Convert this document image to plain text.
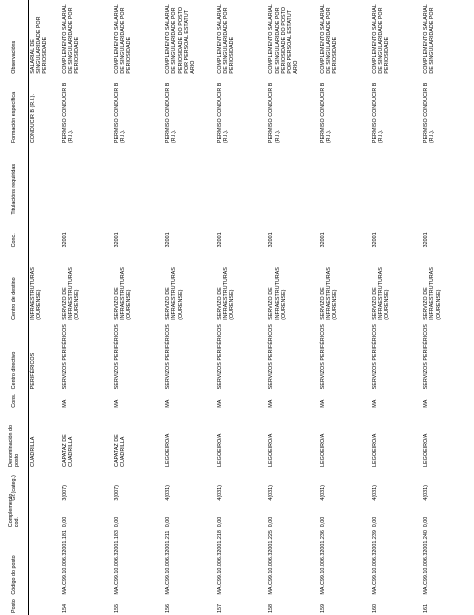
Posto	Código do posto	Complemento cod.	Gr.(categ.)	Denominación do posto	Cons.	Centro directivo	Centro de destino	Conc.	Titulacións requiridas	Formación específica	Observacións
				CUADRILLA		PERIFÉRICOS	INFRAESTRUTURAS (OURENSE)			CONDUCIR B (R.I.).	SALARIAL DE SINGULARIDADE POR PERIOSIDADE
154	MA.C99.10.006.32001.181	0,00	3(007)	CAPATAZ DE CUADRILLA	MA	SERVIZOS PERIFÉRICOS	SERVIZO DE INFRAESTRUTURAS (OURENSE)	32001		PERMISO CONDUCIR B (R.I.).	COMPLEMENTO SALARIAL DE SINGULARIDADE POR PERIOSIDADE
155	MA.C99.10.006.32001.183	0,00	3(007)	CAPATAZ DE CUADRILLA	MA	SERVIZOS PERIFÉRICOS	SERVIZO DE INFRAESTRUTURAS (OURENSE)	32001		PERMISO CONDUCIR B (R.I.).	COMPLEMENTO SALARIAL DE SINGULARIDADE POR PERIOSIDADE
156	MA.C99.10.006.32001.211	0,00	4(031)	LEGOEIRO/A	MA	SERVIZOS PERIFÉRICOS	SERVIZO DE INFRAESTRUTURAS (OURENSE)	32001		PERMISO CONDUCIR B (R.I.).	COMPLEMENTO SALARIAL DE SINGULARIDADE POR PERIOSIDADE DO POSTO POR PERSOAL ESTATUT ARIO
157	MA.C99.10.006.32001.218	0,00	4(031)	LEGOEIRO/A	MA	SERVIZOS PERIFÉRICOS	SERVIZO DE INFRAESTRUTURAS (OURENSE)	32001		PERMISO CONDUCIR B (R.I.).	COMPLEMENTO SALARIAL DE SINGULARIDADE POR PERIOSIDADE
158	MA.C99.10.006.32001.225	0,00	4(031)	LEGOEIRO/A	MA	SERVIZOS PERIFÉRICOS	SERVIZO DE INFRAESTRUTURAS (OURENSE)	32001		PERMISO CONDUCIR B (R.I.).	COMPLEMENTO SALARIAL DE SINGULARIDADE POR PERIOSIDADE DO POSTO POR PERSOAL ESTATUT ARIO
159	MA.C99.10.006.32001.236	0,00	4(031)	LEGOEIRO/A	MA	SERVIZOS PERIFÉRICOS	SERVIZO DE INFRAESTRUTURAS (OURENSE)	32001		PERMISO CONDUCIR B (R.I.).	COMPLEMENTO SALARIAL DE SINGULARIDADE POR PERIOSIDADE
160	MA.C99.10.006.32001.239	0,00	4(031)	LEGOEIRO/A	MA	SERVIZOS PERIFÉRICOS	SERVIZO DE INFRAESTRUTURAS (OURENSE)	32001		PERMISO CONDUCIR B (R.I.).	COMPLEMENTO SALARIAL DE SINGULARIDADE POR PERIOSIDADE
161	MA.C99.10.006.32001.240	0,00	4(031)	LEGOEIRO/A	MA	SERVIZOS PERIFÉRICOS	SERVIZO DE INFRAESTRUTURAS (OURENSE)	32001		PERMISO CONDUCIR B (R.I.).	COMPLEMENTO SALARIAL DE SINGULARIDADE POR
